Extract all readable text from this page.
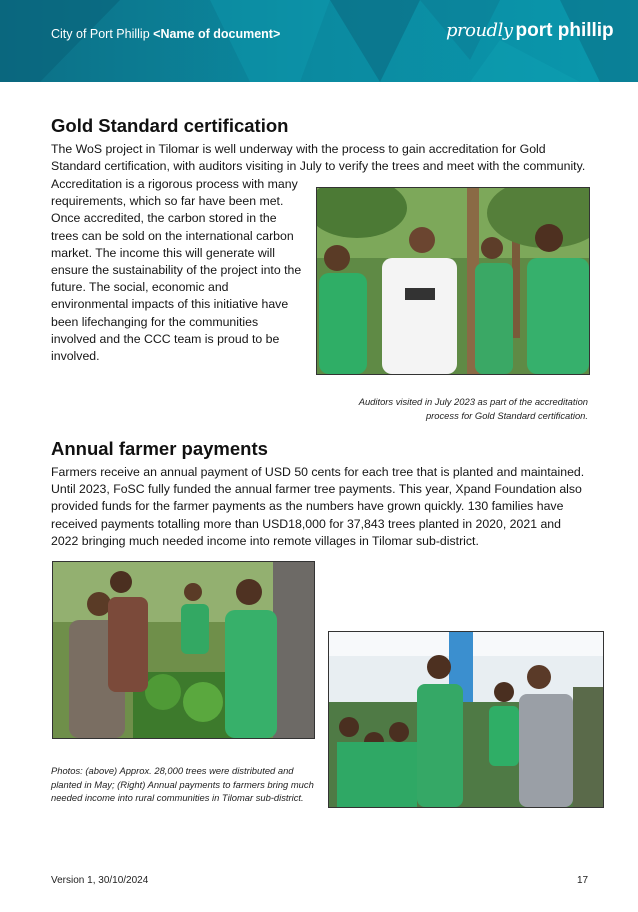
City of Port Phillip <Name of document>	proudly port phillip
Gold Standard certification

The WoS project in Tilomar is well underway with the process to gain accreditation for Gold Standard certification, with auditors visiting in July to verify the trees and meet with the community.

Accreditation is a rigorous process with many requirements, which so far have been met. Once accredited, the carbon stored in the trees can be sold on the international carbon market. The income this will generate will ensure the sustainability of the project into the future. The social, economic and environmental impacts of this initiative have been lifechanging for the communities involved and the CCC team is proud to be involved.

Auditors visited in July 2023 as part of the accreditation
process for Gold Standard certification.
Annual farmer payments

Farmers receive an annual payment of USD 50 cents for each tree that is planted and maintained. Until 2023, FoSC fully funded the annual farmer tree payments. This year, Xpand Foundation also provided funds for the farmer payments as the numbers have grown quickly. 130 families have received payments totalling more than USD18,000 for 37,843 trees planted in 2020, 2021 and 2022 bringing much needed income into remote villages in Tilomar sub-district.

Photos: (above) Approx. 28,000 trees were distributed and planted in May; (Right) Annual payments to farmers bring much needed income into rural communities in Tilomar sub-district.
Version 1, 30/10/2024	17
